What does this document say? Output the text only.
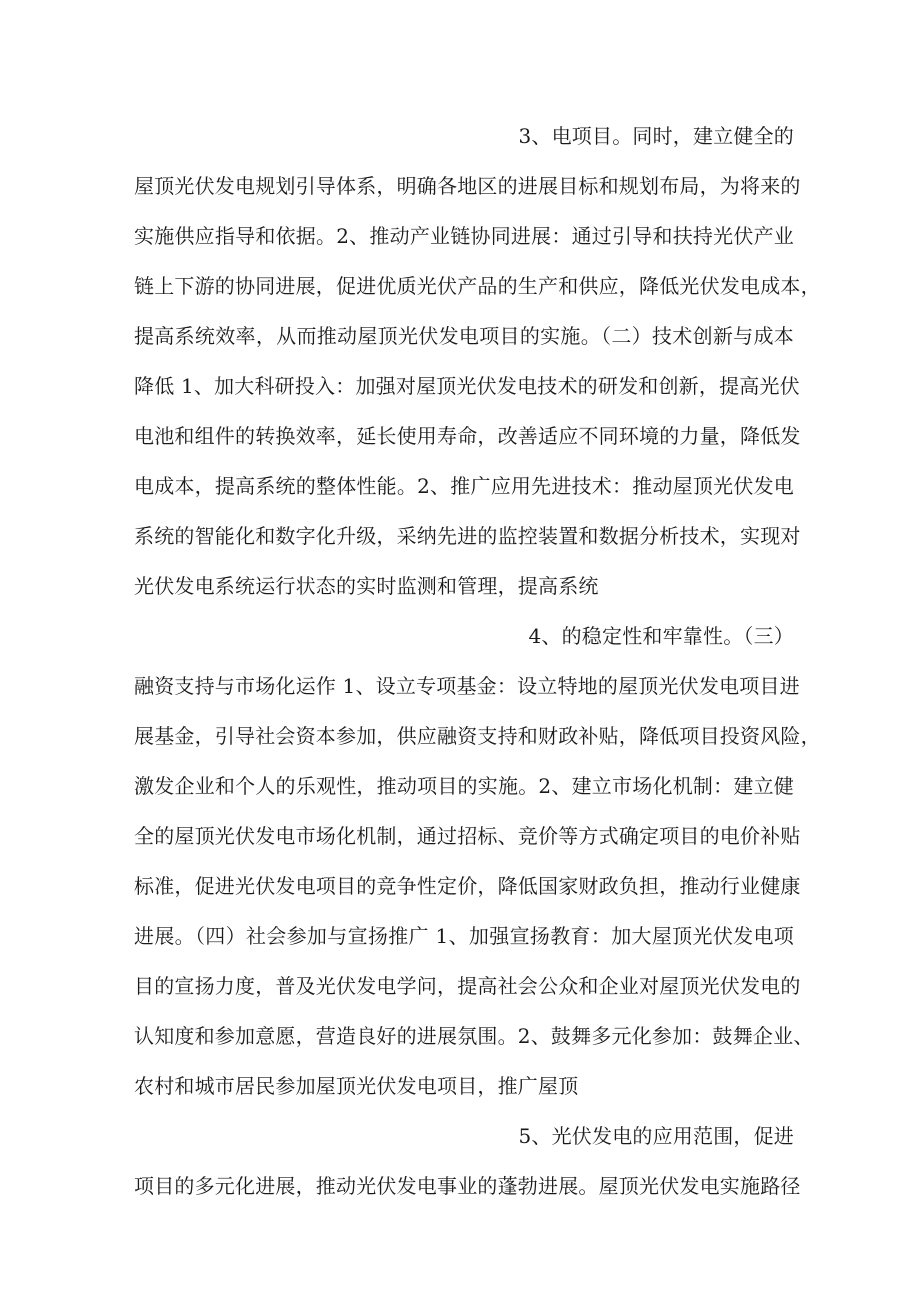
3、电项目。同时，建立健全的
屋顶光伏发电规划引导体系，明确各地区的进展目标和规划布局，为将来的
实施供应指导和依据。2、推动产业链协同进展：通过引导和扶持光伏产业
链上下游的协同进展，促进优质光伏产品的生产和供应，降低光伏发电成本，
提高系统效率，从而推动屋顶光伏发电项目的实施。（二）技术创新与成本
降低 1、加大科研投入：加强对屋顶光伏发电技术的研发和创新，提高光伏
电池和组件的转换效率，延长使用寿命，改善适应不同环境的力量，降低发
电成本，提高系统的整体性能。2、推广应用先进技术：推动屋顶光伏发电
系统的智能化和数字化升级，采纳先进的监控装置和数据分析技术，实现对
光伏发电系统运行状态的实时监测和管理，提高系统
4、的稳定性和牢靠性。（三）
融资支持与市场化运作 1、设立专项基金：设立特地的屋顶光伏发电项目进
展基金，引导社会资本参加，供应融资支持和财政补贴，降低项目投资风险，
激发企业和个人的乐观性，推动项目的实施。2、建立市场化机制：建立健
全的屋顶光伏发电市场化机制，通过招标、竞价等方式确定项目的电价补贴
标准，促进光伏发电项目的竞争性定价，降低国家财政负担，推动行业健康
进展。（四）社会参加与宣扬推广 1、加强宣扬教育：加大屋顶光伏发电项
目的宣扬力度，普及光伏发电学问，提高社会公众和企业对屋顶光伏发电的
认知度和参加意愿，营造良好的进展氛围。2、鼓舞多元化参加：鼓舞企业、
农村和城市居民参加屋顶光伏发电项目，推广屋顶
5、光伏发电的应用范围，促进
项目的多元化进展，推动光伏发电事业的蓬勃进展。屋顶光伏发电实施路径
